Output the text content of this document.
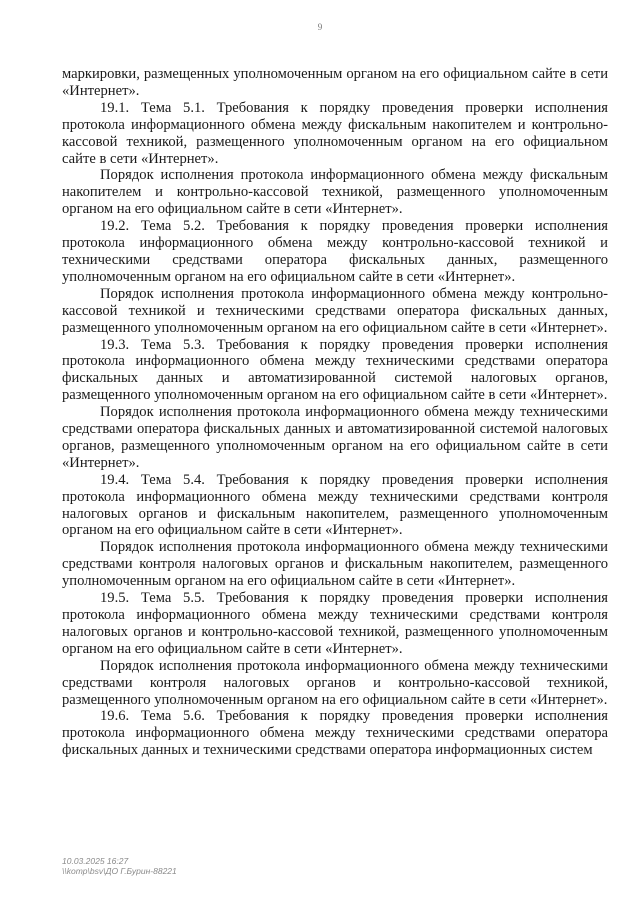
9

маркировки, размещенных уполномоченным органом на его официальном сайте в сети «Интернет».

19.1. Тема 5.1. Требования к порядку проведения проверки исполнения протокола информационного обмена между фискальным накопителем и контрольно-кассовой техникой, размещенного уполномоченным органом на его официальном сайте в сети «Интернет».

Порядок исполнения протокола информационного обмена между фискальным накопителем и контрольно-кассовой техникой, размещенного уполномоченным органом на его официальном сайте в сети «Интернет».

19.2. Тема 5.2. Требования к порядку проведения проверки исполнения протокола информационного обмена между контрольно-кассовой техникой и техническими средствами оператора фискальных данных, размещенного уполномоченным органом на его официальном сайте в сети «Интернет».

Порядок исполнения протокола информационного обмена между контрольно-кассовой техникой и техническими средствами оператора фискальных данных, размещенного уполномоченным органом на его официальном сайте в сети «Интернет».

19.3. Тема 5.3. Требования к порядку проведения проверки исполнения протокола информационного обмена между техническими средствами оператора фискальных данных и автоматизированной системой налоговых органов, размещенного уполномоченным органом на его официальном сайте в сети «Интернет».

Порядок исполнения протокола информационного обмена между техническими средствами оператора фискальных данных и автоматизированной системой налоговых органов, размещенного уполномоченным органом на его официальном сайте в сети «Интернет».

19.4. Тема 5.4. Требования к порядку проведения проверки исполнения протокола информационного обмена между техническими средствами контроля налоговых органов и фискальным накопителем, размещенного уполномоченным органом на его официальном сайте в сети «Интернет».

Порядок исполнения протокола информационного обмена между техническими средствами контроля налоговых органов и фискальным накопителем, размещенного уполномоченным органом на его официальном сайте в сети «Интернет».

19.5. Тема 5.5. Требования к порядку проведения проверки исполнения протокола информационного обмена между техническими средствами контроля налоговых органов и контрольно-кассовой техникой, размещенного уполномоченным органом на его официальном сайте в сети «Интернет».

Порядок исполнения протокола информационного обмена между техническими средствами контроля налоговых органов и контрольно-кассовой техникой, размещенного уполномоченным органом на его официальном сайте в сети «Интернет».

19.6. Тема 5.6. Требования к порядку проведения проверки исполнения протокола информационного обмена между техническими средствами оператора фискальных данных и техническими средствами оператора информационных систем

10.03.2025 16:27
\\komp\bsv\ДО Г.Бурин-88221
